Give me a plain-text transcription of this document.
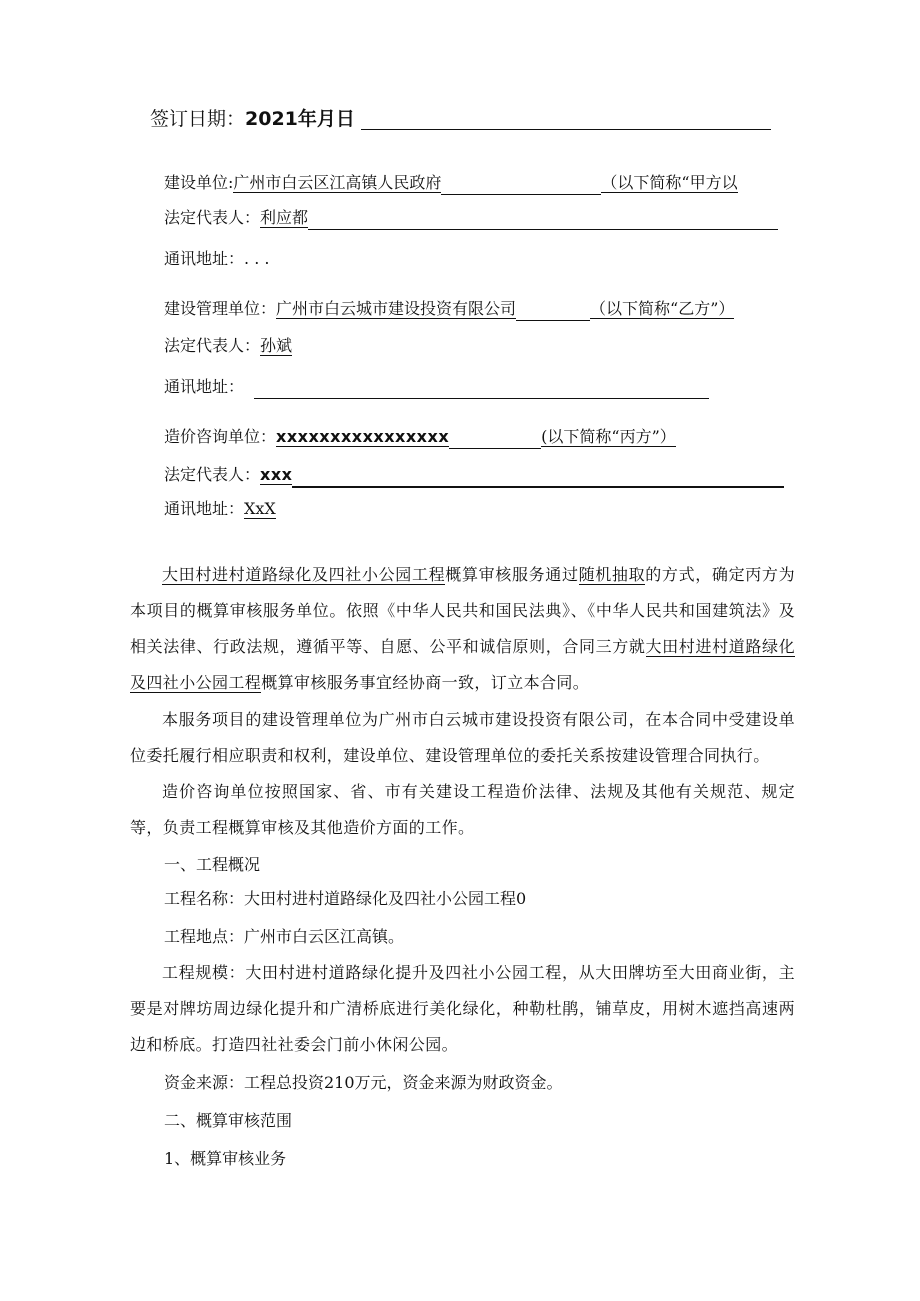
签订日期：2021年月日
建设单位:广州市白云区江高镇人民政府	（以下简称“甲方以
法定代表人：利应都
通讯地址：. . .
建设管理单位：广州市白云城市建设投资有限公司	（以下简称“乙方”）
法定代表人：孙斌
通讯地址：
造价咨询单位：xxxxxxxxxxxxxxxx	(以下简称“丙方”）
法定代表人：xxx
通讯地址：XxX
大田村进村道路绿化及四社小公园工程概算审核服务通过随机抽取的方式，确定丙方为本项目的概算审核服务单位。依照《中华人民共和国民法典》、《中华人民共和国建筑法》及相关法律、行政法规，遵循平等、自愿、公平和诚信原则，合同三方就大田村进村道路绿化及四社小公园工程概算审核服务事宜经协商一致，订立本合同。
本服务项目的建设管理单位为广州市白云城市建设投资有限公司，在本合同中受建设单位委托履行相应职责和权利，建设单位、建设管理单位的委托关系按建设管理合同执行。
造价咨询单位按照国家、省、市有关建设工程造价法律、法规及其他有关规范、规定等，负责工程概算审核及其他造价方面的工作。
一、工程概况
工程名称：大田村进村道路绿化及四社小公园工程0
工程地点：广州市白云区江高镇。
工程规模：大田村进村道路绿化提升及四社小公园工程，从大田牌坊至大田商业街，主要是对牌坊周边绿化提升和广清桥底进行美化绿化，种勒杜鹃，铺草皮，用树木遮挡高速两边和桥底。打造四社社委会门前小休闲公园。
资金来源：工程总投资210万元，资金来源为财政资金。
二、概算审核范围
1、概算审核业务
